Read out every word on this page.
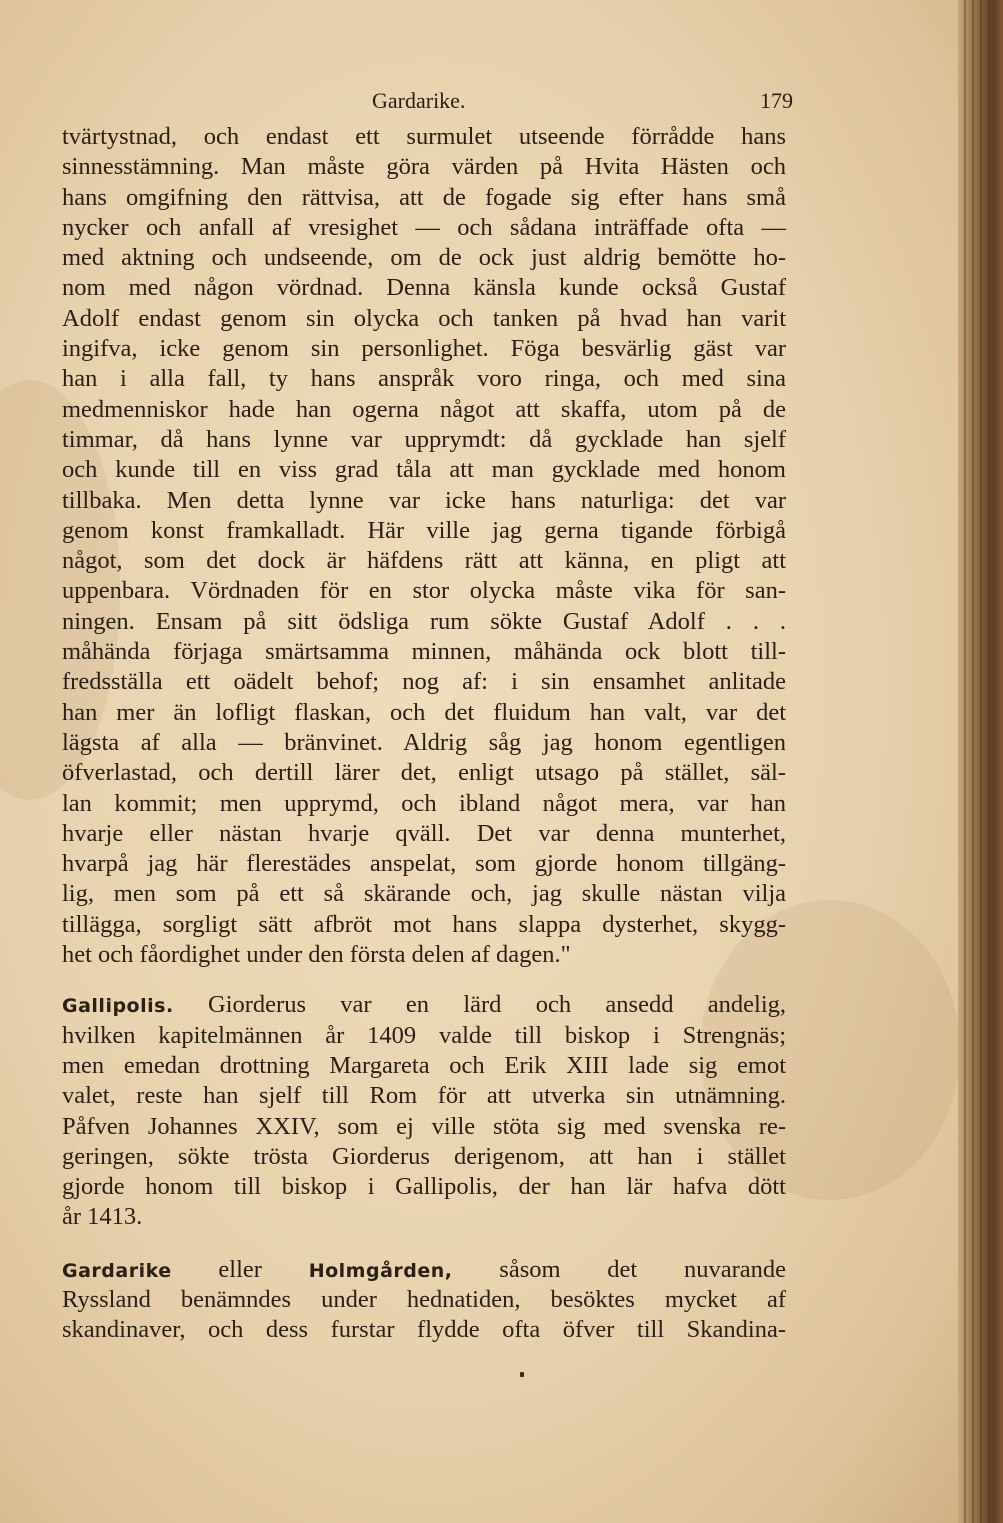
Gardarike.	179
tvärtystnad, och endast ett surmulet utseende förrådde hans
sinnesstämning. Man måste göra värden på Hvita Hästen och
hans omgifning den rättvisa, att de fogade sig efter hans små
nycker och anfall af vresighet — och sådana inträffade ofta —
med aktning och undseende, om de ock just aldrig bemötte ho-
nom med någon vördnad. Denna känsla kunde också Gustaf
Adolf endast genom sin olycka och tanken på hvad han varit
ingifva, icke genom sin personlighet. Föga besvärlig gäst var
han i alla fall, ty hans anspråk voro ringa, och med sina
medmenniskor hade han ogerna något att skaffa, utom på de
timmar, då hans lynne var upprymdt: då gycklade han sjelf
och kunde till en viss grad tåla att man gycklade med honom
tillbaka. Men detta lynne var icke hans naturliga: det var
genom konst framkalladt. Här ville jag gerna tigande förbigå
något, som det dock är häfdens rätt att känna, en pligt att
uppenbara. Vördnaden för en stor olycka måste vika för san-
ningen. Ensam på sitt ödsliga rum sökte Gustaf Adolf . . .
måhända förjaga smärtsamma minnen, måhända ock blott till-
fredsställa ett oädelt behof; nog af: i sin ensamhet anlitade
han mer än lofligt flaskan, och det fluidum han valt, var det
lägsta af alla — bränvinet. Aldrig såg jag honom egentligen
öfverlastad, och dertill lärer det, enligt utsago på stället, säl-
lan kommit; men upprymd, och ibland något mera, var han
hvarje eller nästan hvarje qväll. Det var denna munterhet,
hvarpå jag här flerestädes anspelat, som gjorde honom tillgäng-
lig, men som på ett så skärande och, jag skulle nästan vilja
tillägga, sorgligt sätt afbröt mot hans slappa dysterhet, skygg-
het och fåordighet under den första delen af dagen."
Gallipolis. Giorderus var en lärd och ansedd andelig,
hvilken kapitelmännen år 1409 valde till biskop i Strengnäs;
men emedan drottning Margareta och Erik XIII lade sig emot
valet, reste han sjelf till Rom för att utverka sin utnämning.
Påfven Johannes XXIV, som ej ville stöta sig med svenska re-
geringen, sökte trösta Giorderus derigenom, att han i stället
gjorde honom till biskop i Gallipolis, der han lär hafva dött
år 1413.
Gardarike eller Holmgården, såsom det nuvarande
Ryssland benämndes under hednatiden, besöktes mycket af
skandinaver, och dess furstar flydde ofta öfver till Skandina-
